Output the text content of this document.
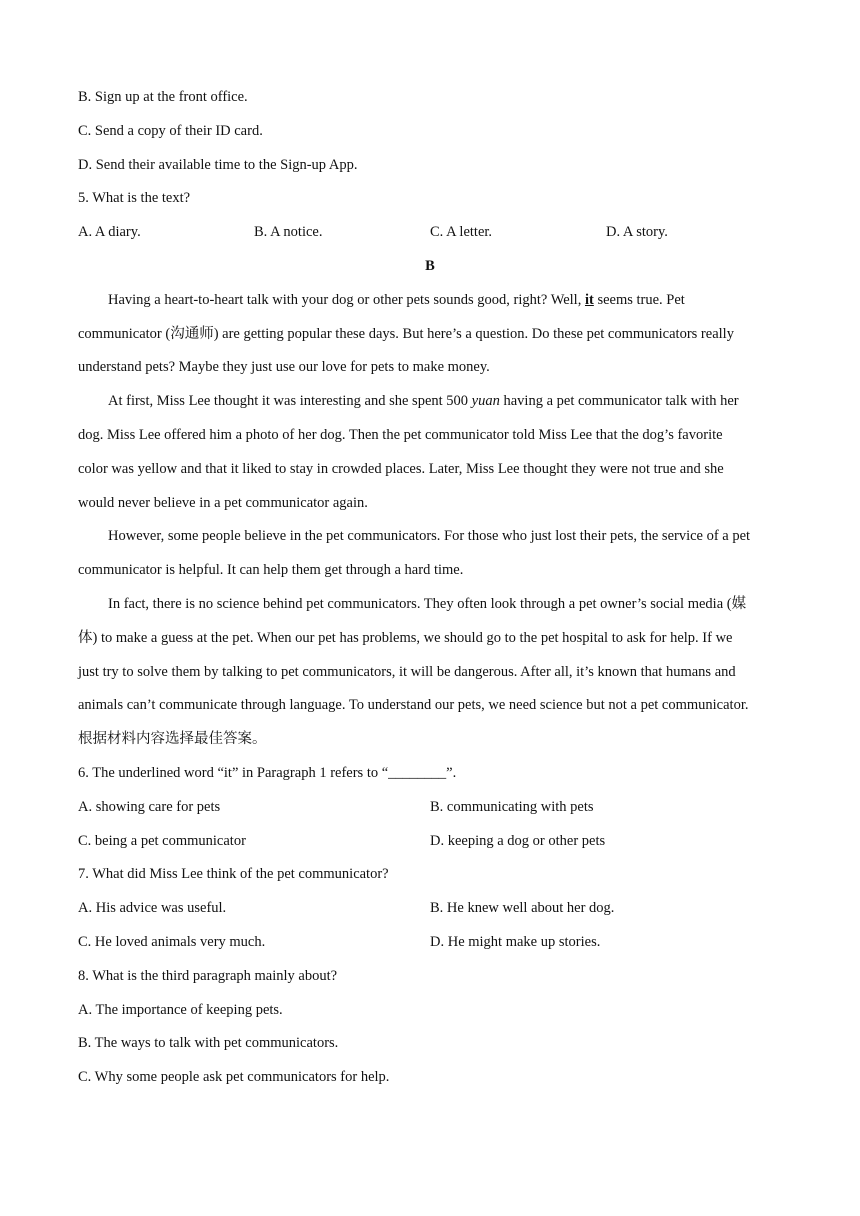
B. Sign up at the front office.
C. Send a copy of their ID card.
D. Send their available time to the Sign-up App.
5. What is the text?
A. A diary.	B. A notice.	C. A letter.	D. A story.
B
Having a heart-to-heart talk with your dog or other pets sounds good, right? Well, it seems true. Pet
communicator (沟通师) are getting popular these days. But here’s a question. Do these pet communicators really
understand pets? Maybe they just use our love for pets to make money.
At first, Miss Lee thought it was interesting and she spent 500 yuan having a pet communicator talk with her
dog. Miss Lee offered him a photo of her dog. Then the pet communicator told Miss Lee that the dog’s favorite
color was yellow and that it liked to stay in crowded places. Later, Miss Lee thought they were not true and she
would never believe in a pet communicator again.
However, some people believe in the pet communicators. For those who just lost their pets, the service of a pet
communicator is helpful. It can help them get through a hard time.
In fact, there is no science behind pet communicators. They often look through a pet owner’s social media (媒
体) to make a guess at the pet. When our pet has problems, we should go to the pet hospital to ask for help. If we
just try to solve them by talking to pet communicators, it will be dangerous. After all, it’s known that humans and
animals can’t communicate through language. To understand our pets, we need science but not a pet communicator.
根据材料内容选择最佳答案。
6. The underlined word “it” in Paragraph 1 refers to “________”.
A. showing care for pets	B. communicating with pets
C. being a pet communicator	D. keeping a dog or other pets
7. What did Miss Lee think of the pet communicator?
A. His advice was useful.	B. He knew well about her dog.
C. He loved animals very much.	D. He might make up stories.
8. What is the third paragraph mainly about?
A. The importance of keeping pets.
B. The ways to talk with pet communicators.
C. Why some people ask pet communicators for help.
